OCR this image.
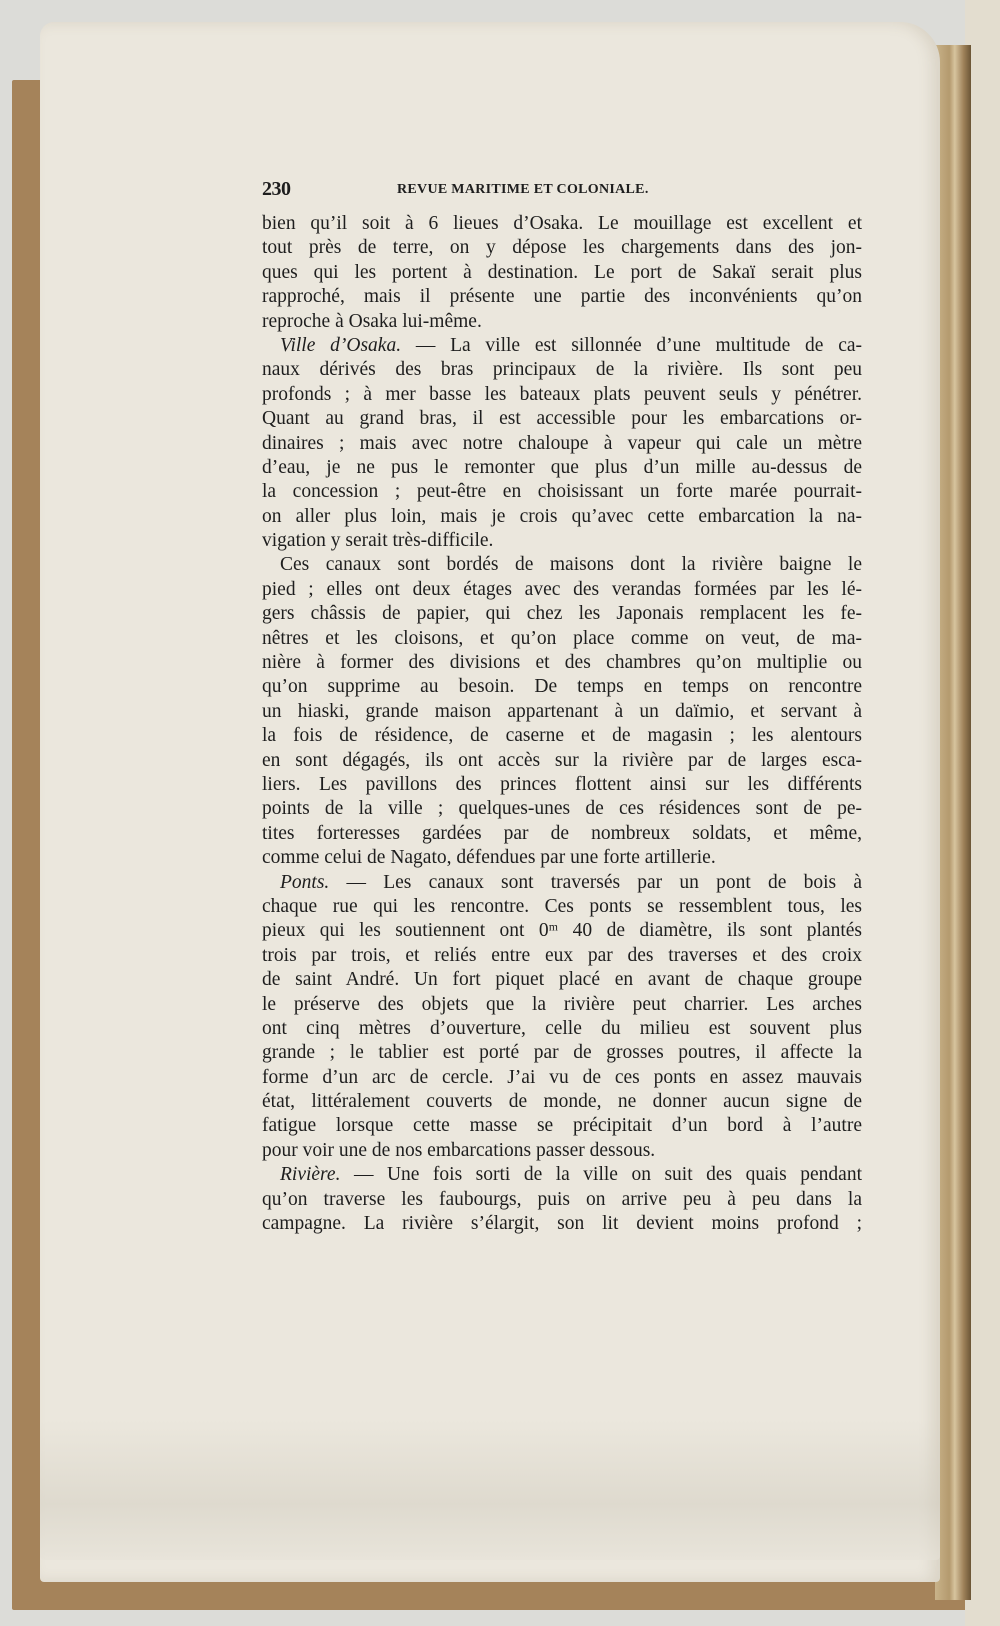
230	REVUE MARITIME ET COLONIALE.
bien qu’il soit à 6 lieues d’Osaka. Le mouillage est excellent et
tout près de terre, on y dépose les chargements dans des jon-
ques qui les portent à destination. Le port de Sakaï serait plus
rapproché, mais il présente une partie des inconvénients qu’on
reproche à Osaka lui-même.
Ville d’Osaka. — La ville est sillonnée d’une multitude de ca-
naux dérivés des bras principaux de la rivière. Ils sont peu
profonds ; à mer basse les bateaux plats peuvent seuls y pénétrer.
Quant au grand bras, il est accessible pour les embarcations or-
dinaires ; mais avec notre chaloupe à vapeur qui cale un mètre
d’eau, je ne pus le remonter que plus d’un mille au-dessus de
la concession ; peut-être en choisissant un forte marée pourrait-
on aller plus loin, mais je crois qu’avec cette embarcation la na-
vigation y serait très-difficile.
Ces canaux sont bordés de maisons dont la rivière baigne le
pied ; elles ont deux étages avec des verandas formées par les lé-
gers châssis de papier, qui chez les Japonais remplacent les fe-
nêtres et les cloisons, et qu’on place comme on veut, de ma-
nière à former des divisions et des chambres qu’on multiplie ou
qu’on supprime au besoin. De temps en temps on rencontre
un hiaski, grande maison appartenant à un daïmio, et servant à
la fois de résidence, de caserne et de magasin ; les alentours
en sont dégagés, ils ont accès sur la rivière par de larges esca-
liers. Les pavillons des princes flottent ainsi sur les différents
points de la ville ; quelques-unes de ces résidences sont de pe-
tites forteresses gardées par de nombreux soldats, et même,
comme celui de Nagato, défendues par une forte artillerie.
Ponts. — Les canaux sont traversés par un pont de bois à
chaque rue qui les rencontre. Ces ponts se ressemblent tous, les
pieux qui les soutiennent ont 0ᵐ 40 de diamètre, ils sont plantés
trois par trois, et reliés entre eux par des traverses et des croix
de saint André. Un fort piquet placé en avant de chaque groupe
le préserve des objets que la rivière peut charrier. Les arches
ont cinq mètres d’ouverture, celle du milieu est souvent plus
grande ; le tablier est porté par de grosses poutres, il affecte la
forme d’un arc de cercle. J’ai vu de ces ponts en assez mauvais
état, littéralement couverts de monde, ne donner aucun signe de
fatigue lorsque cette masse se précipitait d’un bord à l’autre
pour voir une de nos embarcations passer dessous.
Rivière. — Une fois sorti de la ville on suit des quais pendant
qu’on traverse les faubourgs, puis on arrive peu à peu dans la
campagne. La rivière s’élargit, son lit devient moins profond ;
